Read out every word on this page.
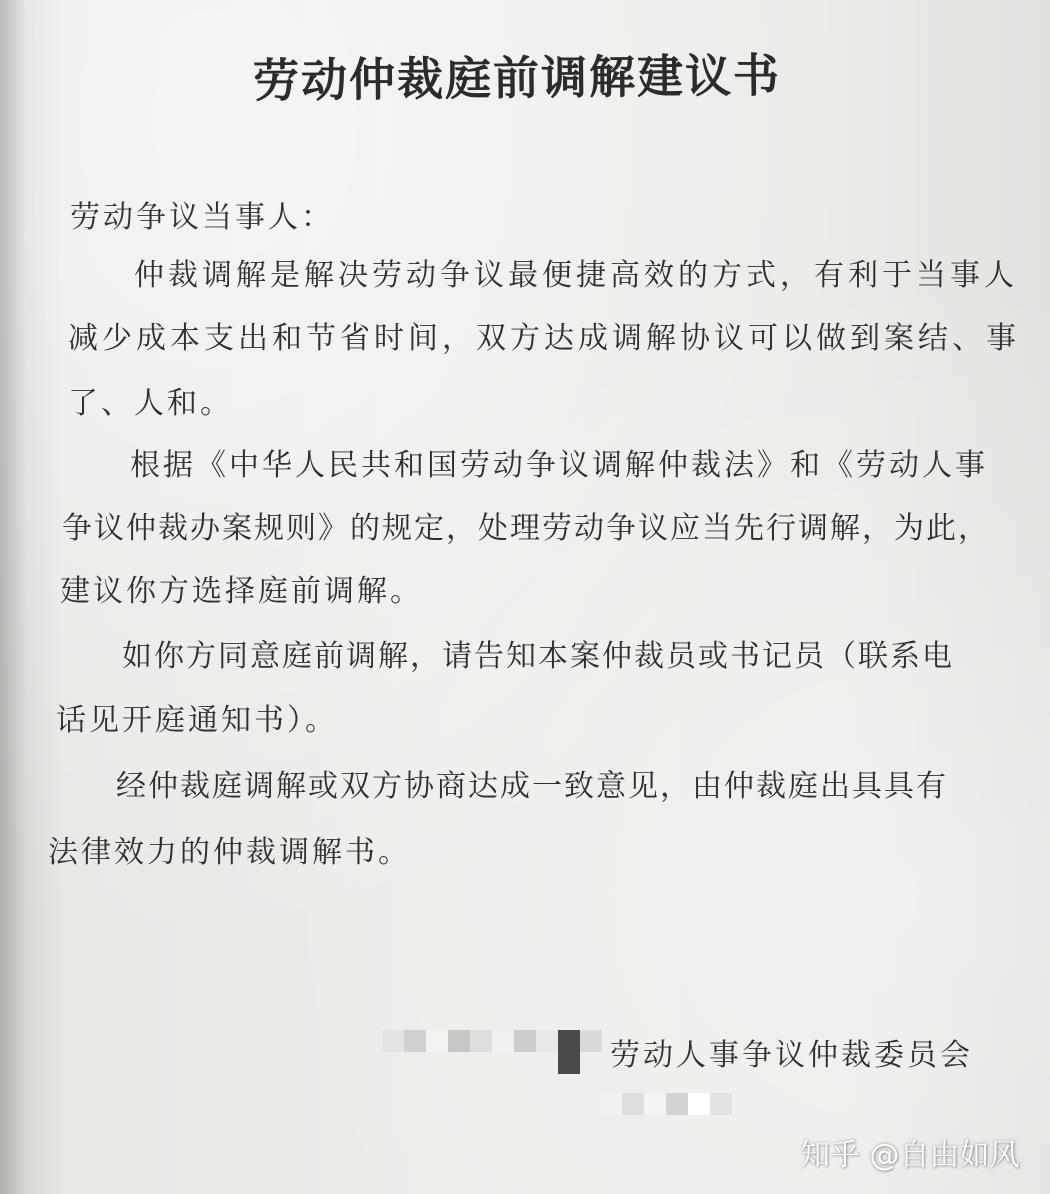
劳动仲裁庭前调解建议书
劳动争议当事人：
仲裁调解是解决劳动争议最便捷高效的方式，有利于当事人
减少成本支出和节省时间，双方达成调解协议可以做到案结、事
了、人和。
根据《中华人民共和国劳动争议调解仲裁法》和《劳动人事
争议仲裁办案规则》的规定，处理劳动争议应当先行调解，为此，
建议你方选择庭前调解。
如你方同意庭前调解，请告知本案仲裁员或书记员（联系电
话见开庭通知书）。
经仲裁庭调解或双方协商达成一致意见，由仲裁庭出具具有
法律效力的仲裁调解书。
劳动人事争议仲裁委员会
知乎 @自由如风
